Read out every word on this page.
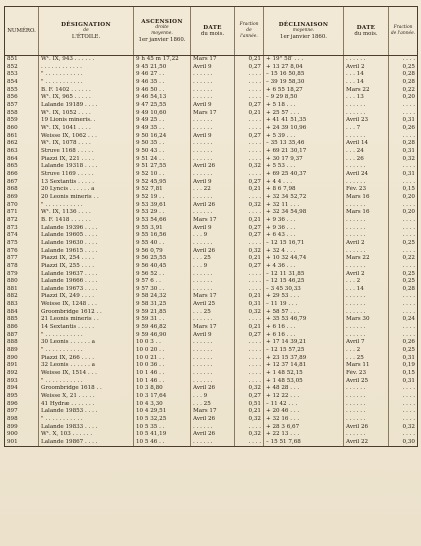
NUMÉRO.	DÉSIGNATION
de
L'ÉTOILE.	ASCENSION
droite
moyenne.
1er janvier 1860.	DATE
du mois.	Fraction
de
l'année.	DÉCLINAISON
moyenne.
1er janvier 1860.	DATE
du mois.	Fraction
de l'année.

851	W¹. IX, 943 . . . . . .	9 h 45 m 17,22	Mars 17	0,21	+ 19° 58′ . . .	. . . . . .	. . . .
852	. . . . . . . . . . . .	9 45 21,50	Avril 9	0,27	+ 13 27 8,04	Avril 2	0,25
853	" . . . . . . . . . . .	9 46 27 . .	. . . . . .	. . . .	– 15 16 50,85	. . . 14	0,28
854	" . . . . . . . . . . .	9 46 35 . .	. . . . . .	. . . .	– 39 19 58,30	. . . 14	0,28
855	B. F. 1402 . . . . . .	9 46 50 . .	. . . . . .	. . . .	+ 6 55 18,27	Mars 22	0,22
856	W¹. IX, 965 . . . . .	9 46 54,13	. . . . . .	. . . .	– 9 29 8,50	. . . 13	0,20
857	Lalande 19189 . . . .	9 47 25,55	Avril 9	0,27	+ 5 18 . . .	. . . . . .	. . . .
858	W¹. IX, 1052 . . . .	9 49 10,60	Mars 17	0,21	+ 25 57 . . .	. . . . . .	. . . .
859	19 Lionis mineris. .	9 49 25 . .	. . . . . .	. . . .	+ 41 41 51,35	Avril 23	0,31
860	W¹. IX, 1041 . . . .	9 49 35 . .	. . . . . .	. . . .	+ 24 39 10,96	. . . 7	0,26
861	Weisse IX, 1062 . . .	9 50 16,24	Avril 9	0,27	+ 5 39 . . .	. . . . . .	. . . .
862	W¹. IX, 1078 . . . .	9 50 35 . .	. . . . . .	. . . .	– 35 13 35,46	Avril 14	0,28
863	Struve 1168 . . . . .	9 50 43 . .	. . . . . .	. . . .	+ 69 21 30,17	. . . 24	0,31
864	Piazzi IX, 221 . . . .	9 51 24 . .	. . . . . .	. . . .	+ 30 17 9,37	. . . 26	0,32
865	Lalande 19318 . . . .	9 51 27,55	Avril 26	0,32	+ 5 53 . . .	. . . . . .	. . . .
866	Struve 1169 . . . . .	9 52 10 . .	. . . . . .	. . . .	+ 69 25 40,37	Avril 24	0,31
867	13 Sextantis . . . . .	9 52 45,95	Avril 9	0,27	+ 4 4 . . .	. . . . . .	. . . .
868	20 Lyncis . . . . . . a	9 52 7,81	. . . 22	0,21	+ 8 6 7,98	Fév. 23	0,15
869	20 Leonis mineris . .	9 52 19 . .	. . . . . .	. . . .	+ 32 34 52,72	Mars 16	0,20
870	" . . . . . . . . . . .	9 53 39,61	Avril 26	0,32	+ 32 11 . . .	. . . . . .	. . . .
871	W¹. IX, 1136 . . . .	9 53 29 . .	. . . . . .	. . . .	+ 32 34 54,98	Mars 16	0,20
872	B. F. 1418 . . . . . .	9 53 54,66	Mars 17	0,21	+ 9 36 . . .	. . . . . .	. . . .
873	Lalande 19396 . . . .	9 55 3,91	Avril 9	0,27	+ 9 36 . . .	. . . . . .	. . . .
874	Lalande 19605 . . . .	9 55 16,56	. . . 9	0,27	+ 6 43 . . .	. . . . . .	. . . .
875	Lalande 19630 . . . .	9 55 40 . .	. . . . . .	. . . .	– 12 15 16,71	Avril 2	0,25
876	Lalande 19615 . . . .	9 56 0,79	Avril 26	0,32	+ 32 4 . . .	. . . . . .	. . . .
877	Piazzi IX, 254 . . . .	9 56 25,55	. . . 25	0,21	+ 10 32 44,74	Mars 22	0,22
878	Piazzi IX, 255 . . . .	9 56 40,45	. . . 9	0,27	+ 4 36 . . .	. . . . . .	. . . .
879	Lalande 19637 . . . .	9 56 52 . .	. . . . . .	. . . .	– 12 11 31,85	Avril 2	0,25
880	Lalande 19666 . . . .	9 57 6 . .	. . . . . .	. . . .	– 12 15 46,25	. . . 2	0,25
881	Lalande 19673 . . . .	9 57 30 . .	. . . . . .	. . . .	– 3 45 30,33	. . . 14	0,28
882	Piazzi IX, 249 . . . .	9 58 24,32	Mars 17	0,21	+ 29 53 . . .	. . . . . .	. . . .
883	Weisse IX, 1248 . . .	9 58 31,25	Avril 25	0,31	– 11 19 . . .	. . . . . .	. . . .
884	Groombridge 1612 . .	9 59 21,85	. . . 25	0,32	+ 58 57 . . .	. . . . . .	. . . .
885	21 Leonis mineris . .	9 59 31 . .	. . . . . .	. . . .	+ 35 53 46,79	Mars 30	0,24
886	14 Sextantis . . . . .	9 59 46,82	Mars 17	0,21	+ 6 16 . . .	. . . . . .	. . . .
887	" . . . . . . . . . . .	9 59 46,90	Avril 9	0,27	+ 6 16 . . .	. . . . . .	. . . .
888	30 Leonis . . . . . . a	10 0 3 . .	. . . . . .	. . . .	+ 17 14 39,21	Avril 7	0,26
889	" . . . . . . . . . . .	10 0 20 . .	. . . . . .	. . . .	– 12 15 57,25	. . . 2	0,25
890	Piazzi IX, 266 . . . .	10 0 21 . .	. . . . . .	. . . .	+ 23 15 37,89	. . . 25	0,31
891	32 Leonis . . . . . . a	10 0 36 . .	. . . . . .	. . . .	+ 12 37 14,81	Mars 11	0,19
892	Weisse IX, 1514 . . .	10 1 46 . .	. . . . . .	. . . .	+ 1 48 52,15	Fév. 23	0,15
893	" . . . . . . . . . . .	10 1 46 . .	. . . . . .	. . . .	+ 1 48 53,05	Avril 25	0,31
894	Groombridge 1618 . .	10 3 8,80	Avril 26	0,32	+ 48 28 . . .	. . . . . .	. . . .
895	Weisse X, 21 . . . . .	10 3 17,64	. . . 9	0,27	+ 12 22 . . .	. . . . . .	. . . .
896	41 Hydræ . . . . . . .	10 4 3,30	. . . 25	0,51	– 11 42 . . .	. . . . . .	. . . .
897	Lalande 19853 . . . .	10 4 29,51	Mars 17	0,21	+ 20 46 . . .	. . . . . .	. . . .
898	" . . . . . . . . . . .	10 5 32,25	Avril 26	0,32	+ 32 16 . . .	. . . . . .	. . . .
899	Lalande 19833 . . . .	10 5 35 . .	. . . . . .	. . . .	+ 28 3 6,67	Avril 26	0,32
900	W¹. X, 103 . . . . . .	10 5 41,19	Avril 26	0,32	+ 22 13 . . .	. . . . . .	. . . .
901	Lalande 19867 . . . .	10 5 46 . .	. . . . . .	. . . .	– 15 51 7,68	Avril 22	0,30
